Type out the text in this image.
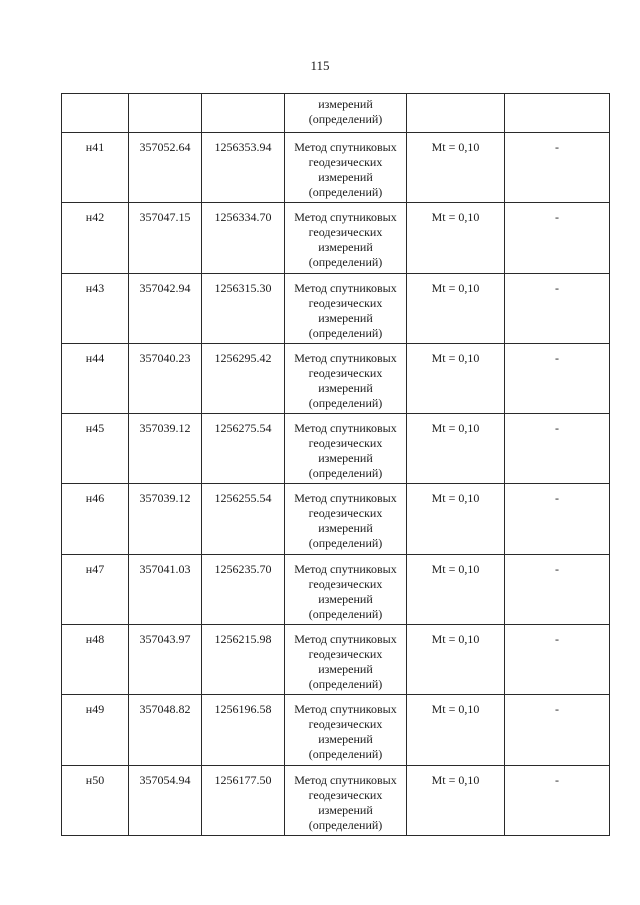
115
			измерений
(определений)		
н41	357052.64	1256353.94	Метод спутниковых геодезических измерений (определений)	Mt = 0,10	-
н42	357047.15	1256334.70	Метод спутниковых геодезических измерений (определений)	Mt = 0,10	-
н43	357042.94	1256315.30	Метод спутниковых геодезических измерений (определений)	Mt = 0,10	-
н44	357040.23	1256295.42	Метод спутниковых геодезических измерений (определений)	Mt = 0,10	-
н45	357039.12	1256275.54	Метод спутниковых геодезических измерений (определений)	Mt = 0,10	-
н46	357039.12	1256255.54	Метод спутниковых геодезических измерений (определений)	Mt = 0,10	-
н47	357041.03	1256235.70	Метод спутниковых геодезических измерений (определений)	Mt = 0,10	-
н48	357043.97	1256215.98	Метод спутниковых геодезических измерений (определений)	Mt = 0,10	-
н49	357048.82	1256196.58	Метод спутниковых геодезических измерений (определений)	Mt = 0,10	-
н50	357054.94	1256177.50	Метод спутниковых геодезических измерений (определений)	Mt = 0,10	-
